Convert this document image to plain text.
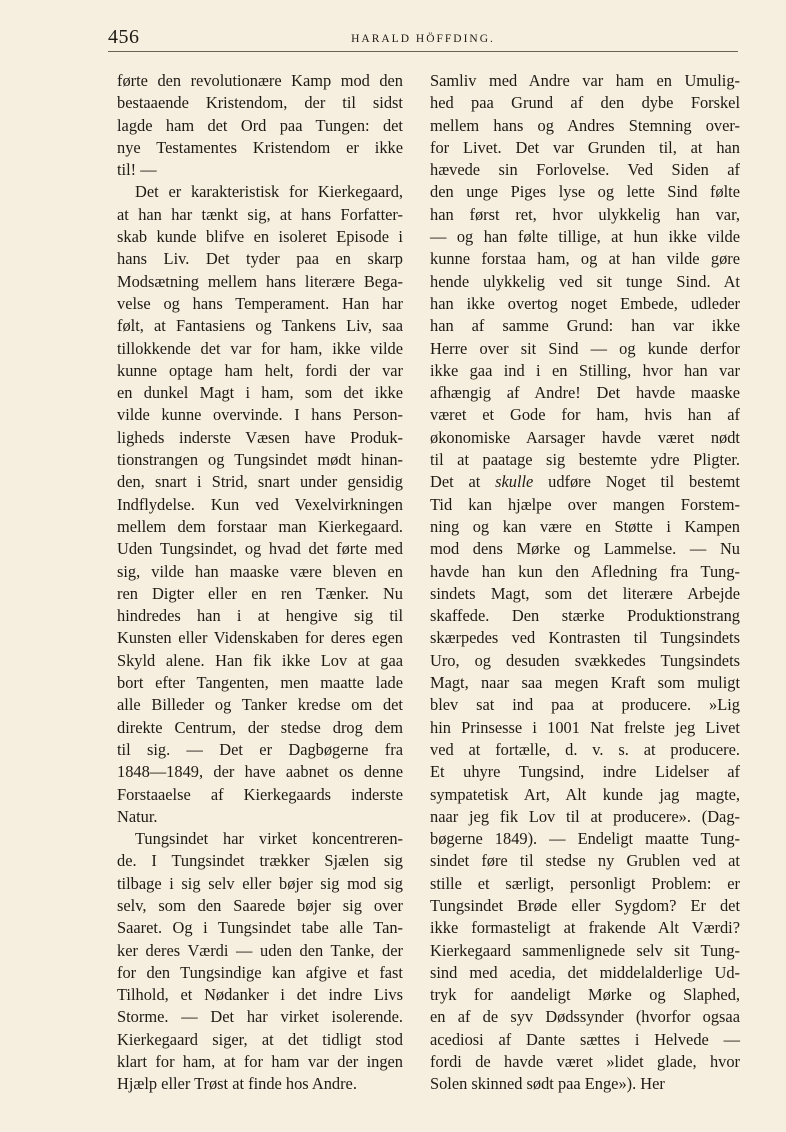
456	HARALD HÖFFDING.

førte den revolutionære Kamp mod den
bestaaende Kristendom, der til sidst
lagde ham det Ord paa Tungen: det
nye Testamentes Kristendom er ikke
til! —

Det er karakteristisk for Kierkegaard,
at han har tænkt sig, at hans Forfatter-
skab kunde blifve en isoleret Episode i
hans Liv. Det tyder paa en skarp
Modsætning mellem hans literære Bega-
velse og hans Temperament. Han har
følt, at Fantasiens og Tankens Liv, saa
tillokkende det var for ham, ikke vilde
kunne optage ham helt, fordi der var
en dunkel Magt i ham, som det ikke
vilde kunne overvinde. I hans Person-
ligheds inderste Væsen have Produk-
tionstrangen og Tungsindet mødt hinan-
den, snart i Strid, snart under gensidig
Indflydelse. Kun ved Vexelvirkningen
mellem dem forstaar man Kierkegaard.
Uden Tungsindet, og hvad det førte med
sig, vilde han maaske være bleven en
ren Digter eller en ren Tænker. Nu
hindredes han i at hengive sig til
Kunsten eller Videnskaben for deres egen
Skyld alene. Han fik ikke Lov at gaa
bort efter Tangenten, men maatte lade
alle Billeder og Tanker kredse om det
direkte Centrum, der stedse drog dem
til sig. — Det er Dagbøgerne fra
1848—1849, der have aabnet os denne
Forstaaelse af Kierkegaards inderste
Natur.

Tungsindet har virket koncentreren-
de. I Tungsindet trækker Sjælen sig
tilbage i sig selv eller bøjer sig mod sig
selv, som den Saarede bøjer sig over
Saaret. Og i Tungsindet tabe alle Tan-
ker deres Værdi — uden den Tanke, der
for den Tungsindige kan afgive et fast
Tilhold, et Nødanker i det indre Livs
Storme. — Det har virket isolerende.
Kierkegaard siger, at det tidligt stod
klart for ham, at for ham var der ingen
Hjælp eller Trøst at finde hos Andre.

Samliv med Andre var ham en Umulig-
hed paa Grund af den dybe Forskel
mellem hans og Andres Stemning over-
for Livet. Det var Grunden til, at han
hævede sin Forlovelse. Ved Siden af
den unge Piges lyse og lette Sind følte
han først ret, hvor ulykkelig han var,
— og han følte tillige, at hun ikke vilde
kunne forstaa ham, og at han vilde gøre
hende ulykkelig ved sit tunge Sind. At
han ikke overtog noget Embede, udleder
han af samme Grund: han var ikke
Herre over sit Sind — og kunde derfor
ikke gaa ind i en Stilling, hvor han var
afhængig af Andre! Det havde maaske
været et Gode for ham, hvis han af
økonomiske Aarsager havde været nødt
til at paatage sig bestemte ydre Pligter.
Det at skulle udføre Noget til bestemt
Tid kan hjælpe over mangen Forstem-
ning og kan være en Støtte i Kampen
mod dens Mørke og Lammelse. — Nu
havde han kun den Afledning fra Tung-
sindets Magt, som det literære Arbejde
skaffede. Den stærke Produktionstrang
skærpedes ved Kontrasten til Tungsindets
Uro, og desuden svækkedes Tungsindets
Magt, naar saa megen Kraft som muligt
blev sat ind paa at producere. »Lig
hin Prinsesse i 1001 Nat frelste jeg Livet
ved at fortælle, d. v. s. at producere.
Et uhyre Tungsind, indre Lidelser af
sympatetisk Art, Alt kunde jag magte,
naar jeg fik Lov til at producere». (Dag-
bøgerne 1849). — Endeligt maatte Tung-
sindet føre til stedse ny Grublen ved at
stille et særligt, personligt Problem: er
Tungsindet Brøde eller Sygdom? Er det
ikke formasteligt at frakende Alt Værdi?
Kierkegaard sammenlignede selv sit Tung-
sind med acedia, det middelalderlige Ud-
tryk for aandeligt Mørke og Slaphed,
en af de syv Dødssynder (hvorfor ogsaa
acediosi af Dante sættes i Helvede —
fordi de havde været »lidet glade, hvor
Solen skinned sødt paa Enge»). Her
